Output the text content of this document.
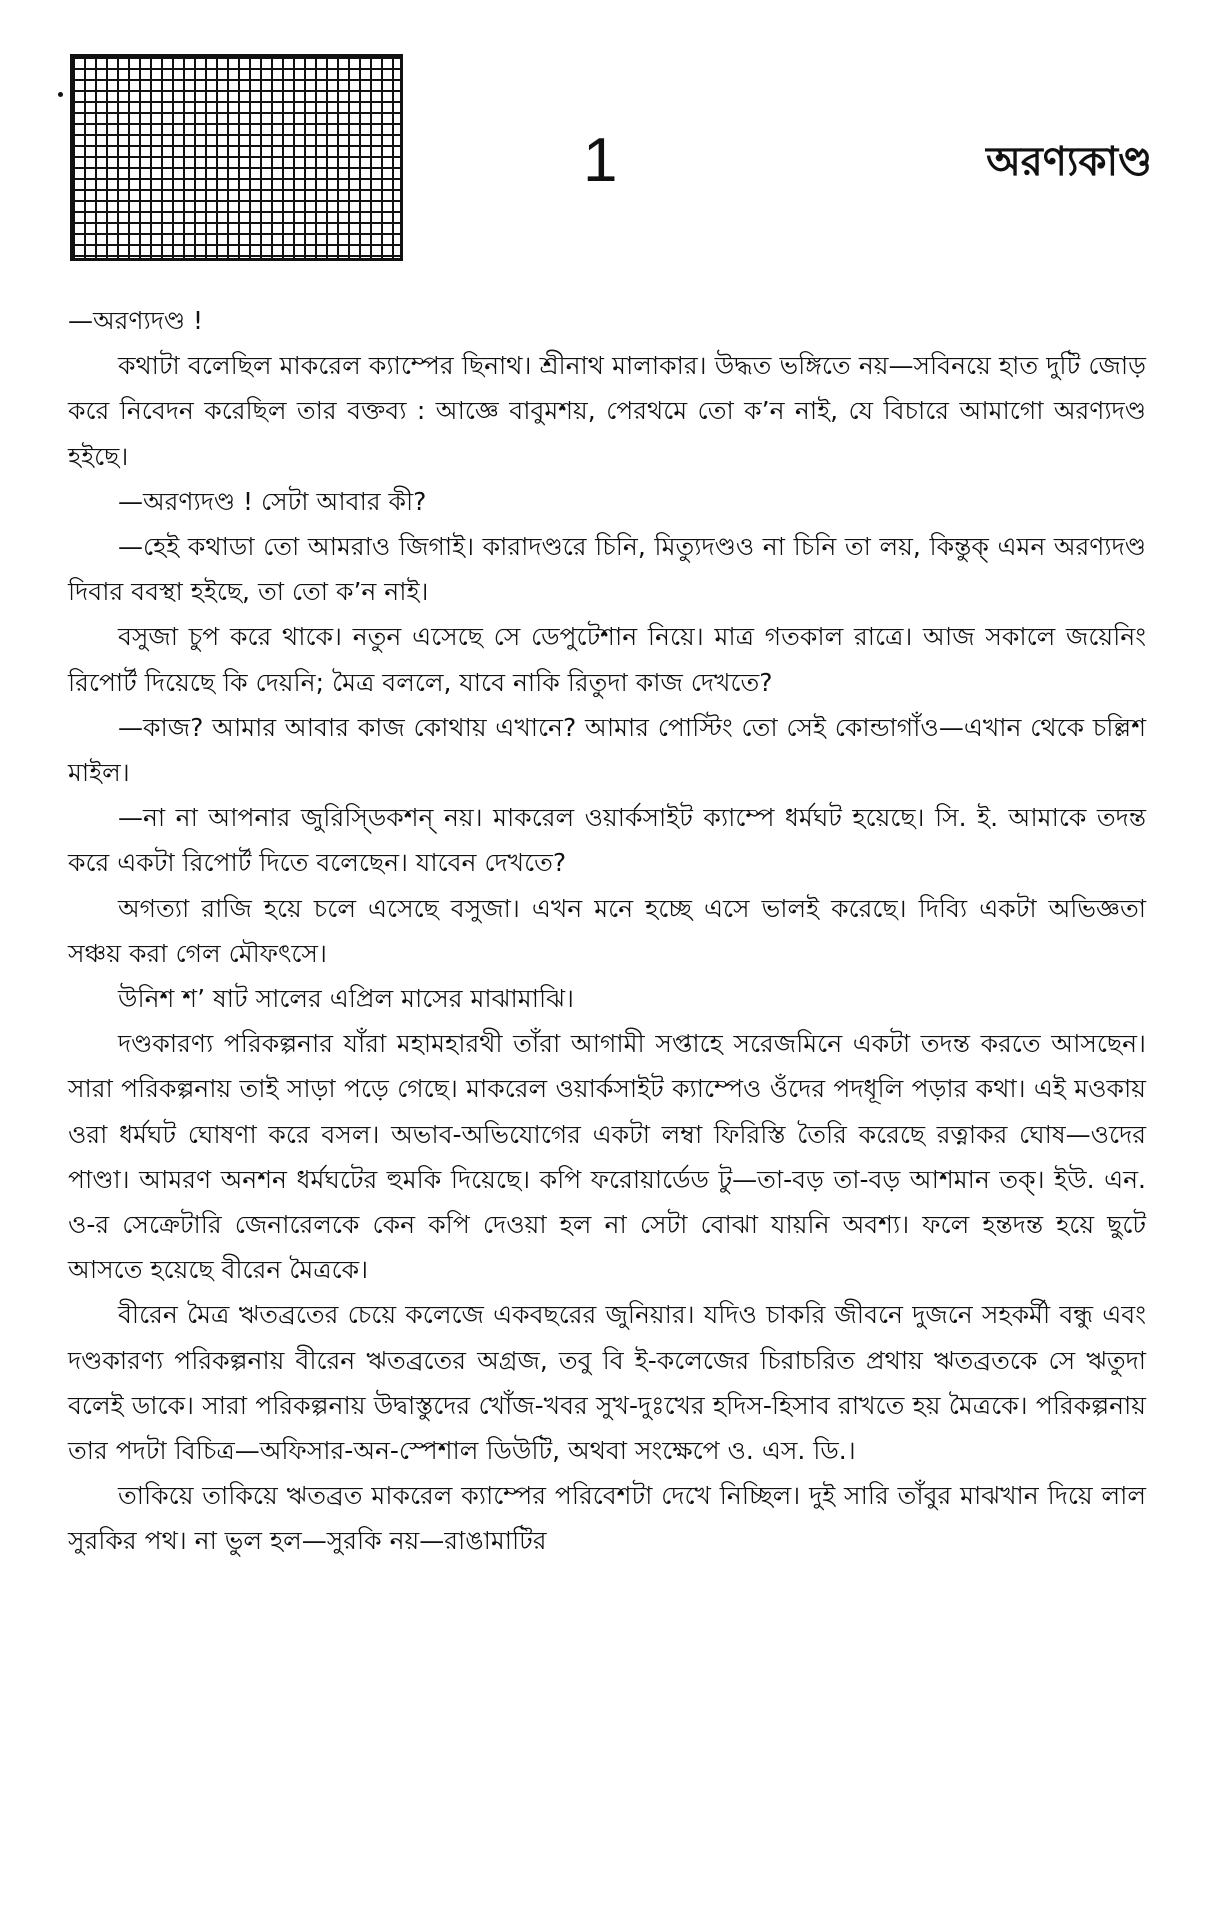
1	অরণ্যকাণ্ড

—অরণ্যদণ্ড !

কথাটা বলেছিল মাকরেল ক্যাম্পের ছিনাথ। শ্রীনাথ মালাকার। উদ্ধত ভঙ্গিতে নয়—সবিনয়ে হাত দুটি জোড় করে নিবেদন করেছিল তার বক্তব্য : আজ্ঞে বাবুমশয়, পেরথমে তো ক’ন নাই, যে বিচারে আমাগো অরণ্যদণ্ড হইছে।

—অরণ্যদণ্ড ! সেটা আবার কী?

—হেই কথাডা তো আমরাও জিগাই। কারাদণ্ডরে চিনি, মিত্যুদণ্ডও না চিনি তা লয়, কিন্তুক্ এমন অরণ্যদণ্ড দিবার ববস্থা হইছে, তা তো ক’ন নাই।

বসুজা চুপ করে থাকে। নতুন এসেছে সে ডেপুটেশান নিয়ে। মাত্র গতকাল রাত্রে। আজ সকালে জয়েনিং রিপোর্ট দিয়েছে কি দেয়নি; মৈত্র বললে, যাবে নাকি রিতুদা কাজ দেখতে?

—কাজ? আমার আবার কাজ কোথায় এখানে? আমার পোস্টিং তো সেই কোন্ডাগাঁও—এখান থেকে চল্লিশ মাইল।

—না না আপনার জুরিস্ডিকশন্ নয়। মাকরেল ওয়ার্কসাইট ক্যাম্পে ধর্মঘট হয়েছে। সি. ই. আমাকে তদন্ত করে একটা রিপোর্ট দিতে বলেছেন। যাবেন দেখতে?

অগত্যা রাজি হয়ে চলে এসেছে বসুজা। এখন মনে হচ্ছে এসে ভালই করেছে। দিব্যি একটা অভিজ্ঞতা সঞ্চয় করা গেল মৌফৎসে।

উনিশ শ’ ষাট সালের এপ্রিল মাসের মাঝামাঝি।

দণ্ডকারণ্য পরিকল্পনার যাঁরা মহামহারথী তাঁরা আগামী সপ্তাহে সরেজমিনে একটা তদন্ত করতে আসছেন। সারা পরিকল্পনায় তাই সাড়া পড়ে গেছে। মাকরেল ওয়ার্কসাইট ক্যাম্পেও ওঁদের পদধূলি পড়ার কথা। এই মওকায় ওরা ধর্মঘট ঘোষণা করে বসল। অভাব-অভিযোগের একটা লম্বা ফিরিস্তি তৈরি করেছে রত্নাকর ঘোষ—ওদের পাণ্ডা। আমরণ অনশন ধর্মঘটের হুমকি দিয়েছে। কপি ফরোয়ার্ডেড টু—তা-বড় তা-বড় আশমান তক্। ইউ. এন. ও-র সেক্রেটারি জেনারেলকে কেন কপি দেওয়া হল না সেটা বোঝা যায়নি অবশ্য। ফলে হন্তদন্ত হয়ে ছুটে আসতে হয়েছে বীরেন মৈত্রকে।

বীরেন মৈত্র ঋতব্রতের চেয়ে কলেজে একবছরের জুনিয়ার। যদিও চাকরি জীবনে দুজনে সহকর্মী বন্ধু এবং দণ্ডকারণ্য পরিকল্পনায় বীরেন ঋতব্রতের অগ্রজ, তবু বি ই-কলেজের চিরাচরিত প্রথায় ঋতব্রতকে সে ঋতুদা বলেই ডাকে। সারা পরিকল্পনায় উদ্বাস্তুদের খোঁজ-খবর সুখ-দুঃখের হদিস-হিসাব রাখতে হয় মৈত্রকে। পরিকল্পনায় তার পদটা বিচিত্র—অফিসার-অন-স্পেশাল ডিউটি, অথবা সংক্ষেপে ও. এস. ডি.।

তাকিয়ে তাকিয়ে ঋতব্রত মাকরেল ক্যাম্পের পরিবেশটা দেখে নিচ্ছিল। দুই সারি তাঁবুর মাঝখান দিয়ে লাল সুরকির পথ। না ভুল হল—সুরকি নয়—রাঙামাটির
